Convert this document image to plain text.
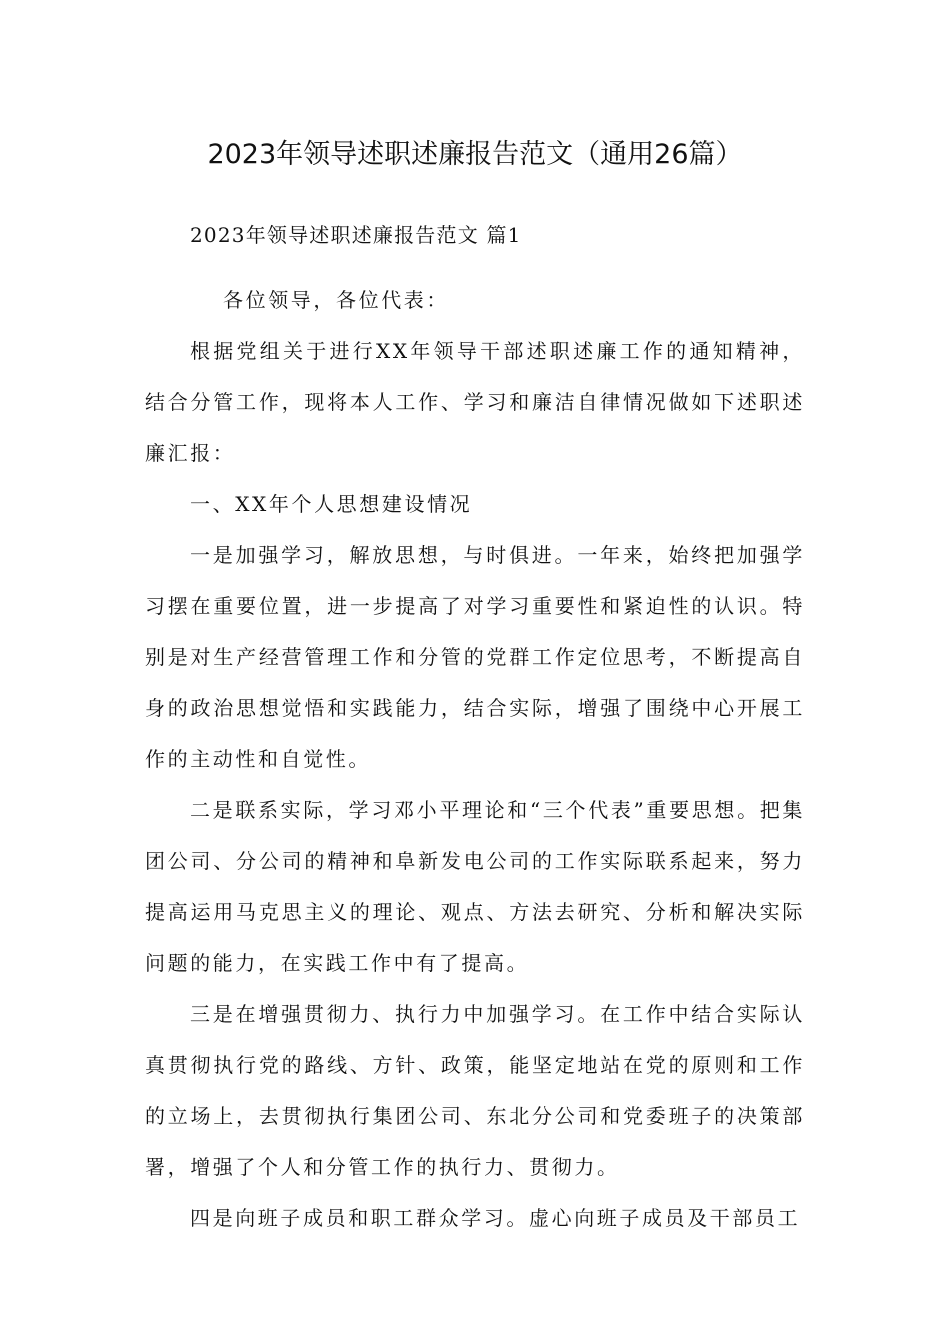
2023年领导述职述廉报告范文（通用26篇）

2023年领导述职述廉报告范文 篇1

各位领导，各位代表：

根据党组关于进行XX年领导干部述职述廉工作的通知精神，结合分管工作，现将本人工作、学习和廉洁自律情况做如下述职述廉汇报：

一、XX年个人思想建设情况

一是加强学习，解放思想，与时俱进。一年来，始终把加强学习摆在重要位置，进一步提高了对学习重要性和紧迫性的认识。特别是对生产经营管理工作和分管的党群工作定位思考，不断提高自身的政治思想觉悟和实践能力，结合实际，增强了围绕中心开展工作的主动性和自觉性。

二是联系实际，学习邓小平理论和“三个代表”重要思想。把集团公司、分公司的精神和阜新发电公司的工作实际联系起来，努力提高运用马克思主义的理论、观点、方法去研究、分析和解决实际问题的能力，在实践工作中有了提高。

三是在增强贯彻力、执行力中加强学习。在工作中结合实际认真贯彻执行党的路线、方针、政策，能坚定地站在党的原则和工作的立场上，去贯彻执行集团公司、东北分公司和党委班子的决策部署，增强了个人和分管工作的执行力、贯彻力。

四是向班子成员和职工群众学习。虚心向班子成员及干部员工
